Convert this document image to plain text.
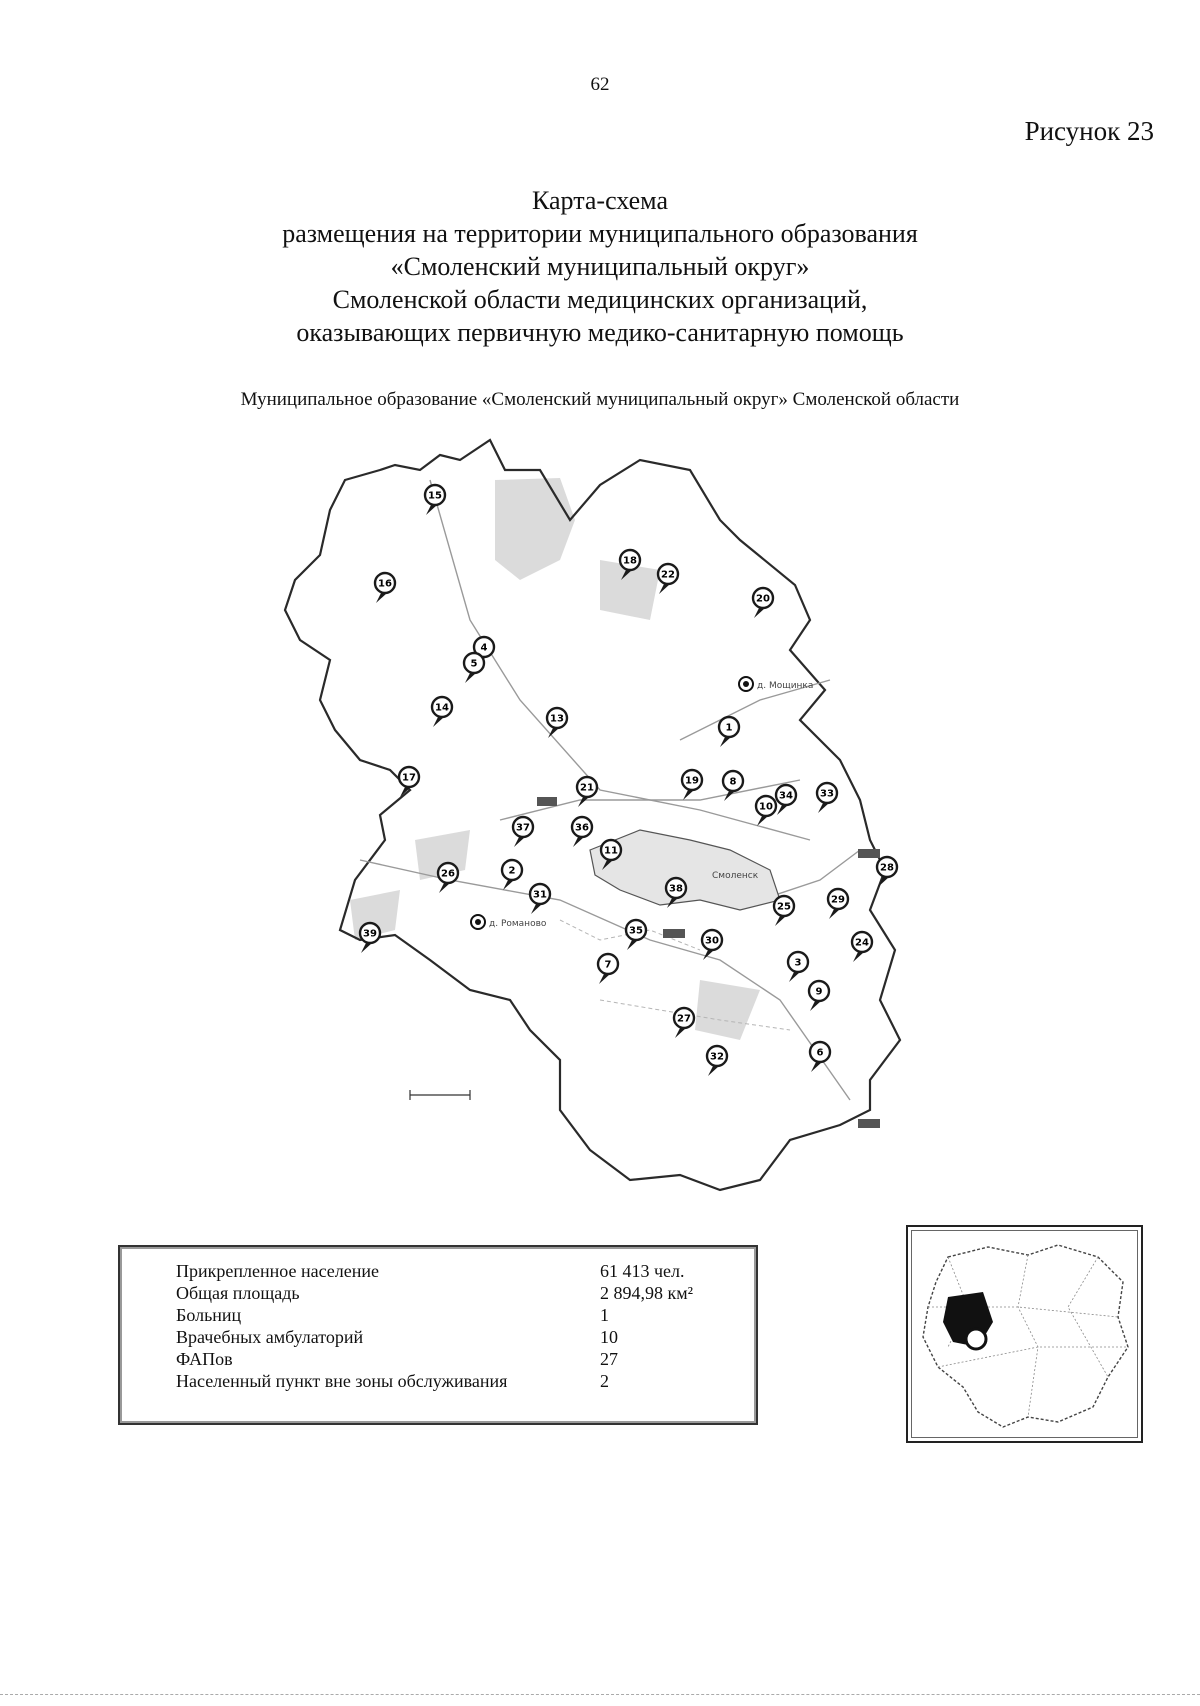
62
Рисунок 23
Карта-схема
размещения на территории муниципального образования
«Смоленский муниципальный округ»
Смоленской области медицинских организаций,
оказывающих первичную медико-санитарную помощь
Муниципальное образование «Смоленский муниципальный округ» Смоленской области
Смоленск
д. Мощинка
д. Романово
15
16
18
22
20
4
5
14
13
1
17
21
19	8
10
34	33
37	36
11
26	2
31
38
25
29
28
35
30
3
24
39
9
7
27
6
32
Прикрепленное население	61 413 чел.
Общая площадь	2 894,98 км²
Больниц	1
Врачебных амбулаторий	10
ФАПов	27
Населенный пункт вне зоны обслуживания	2
